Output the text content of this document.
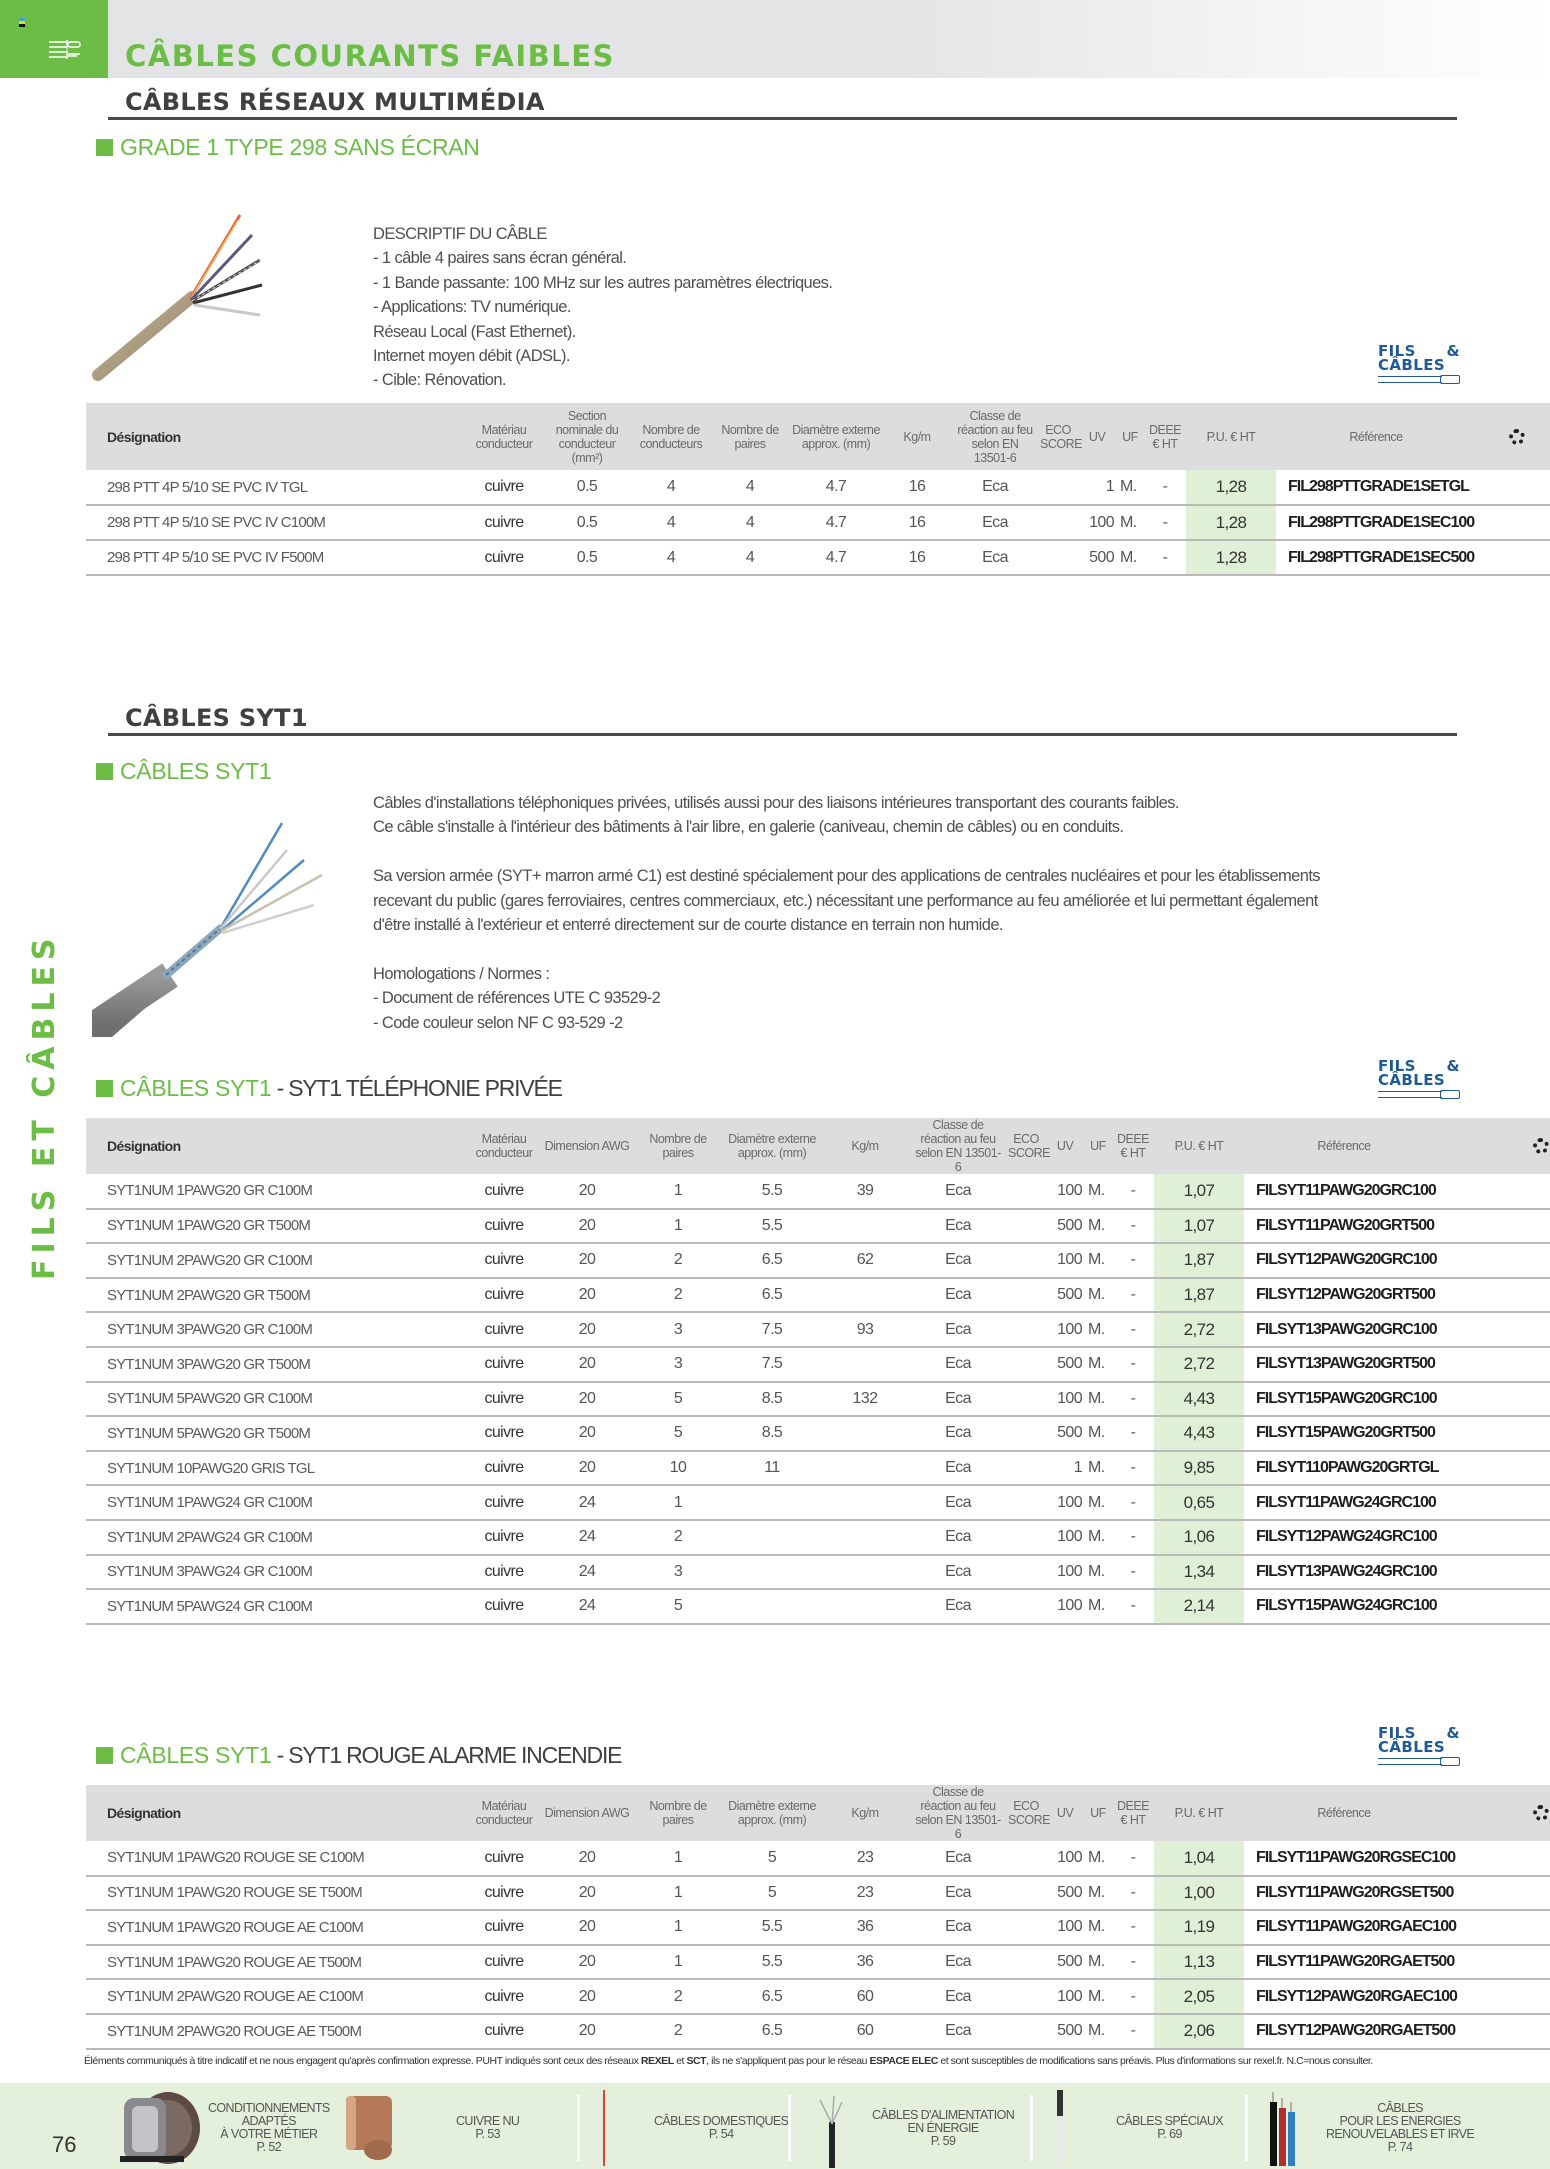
CÂBLES COURANTS FAIBLES
FILS ET CÂBLES
CÂBLES RÉSEAUX MULTIMÉDIA
GRADE 1 TYPE 298 SANS ÉCRAN

DESCRIPTIF DU CÂBLE

- 1 câble 4 paires sans écran général.

- 1 Bande passante: 100 MHz sur les autres paramètres électriques.

- Applications: TV numérique.

Réseau Local (Fast Ethernet).

Internet moyen débit (ADSL).

- Cible: Rénovation.

FILS &
CÂBLES
Désignation	Matériau conducteur	Section nominale du conducteur (mm²)	Nombre de conducteurs	Nombre de paires	Diamètre externe approx. (mm)	Kg/m	Classe de réaction au feu selon EN 13501-6	ECO SCORE	UV	UF	DEEE € HT	P.U. € HT	Référence	
298 PTT 4P 5/10 SE PVC IV TGL	cuivre	0.5	4	4	4.7	16	Eca		1	M.	-	1,28	FIL298PTTGRADE1SETGL	
298 PTT 4P 5/10 SE PVC IV C100M	cuivre	0.5	4	4	4.7	16	Eca		100	M.	-	1,28	FIL298PTTGRADE1SEC100	
298 PTT 4P 5/10 SE PVC IV F500M	cuivre	0.5	4	4	4.7	16	Eca		500	M.	-	1,28	FIL298PTTGRADE1SEC500	
CÂBLES SYT1
CÂBLES SYT1

Câbles d'installations téléphoniques privées, utilisés aussi pour des liaisons intérieures transportant des courants faibles.

Ce câble s'installe à l'intérieur des bâtiments à l'air libre, en galerie (caniveau, chemin de câbles) ou en conduits.

Sa version armée (SYT+ marron armé C1) est destiné spécialement pour des applications de centrales nucléaires et pour les établissements

recevant du public (gares ferroviaires, centres commerciaux, etc.) nécessitant une performance au feu améliorée et lui permettant également

d'être installé à l'extérieur et enterré directement sur de courte distance en terrain non humide.

Homologations / Normes :

- Document de références UTE C 93529-2

- Code couleur selon NF C 93-529 -2

CÂBLES SYT1 - SYT1 TÉLÉPHONIE PRIVÉE
FILS &
CÂBLES
Désignation	Matériau conducteur	Dimension AWG	Nombre de paires	Diamètre externe approx. (mm)	Kg/m	Classe de réaction au feu selon EN 13501-6	ECO SCORE	UV	UF	DEEE € HT	P.U. € HT	Référence	
SYT1NUM 1PAWG20 GR C100M	cuivre	20	1	5.5	39	Eca		100	M.	-	1,07	FILSYT11PAWG20GRC100	
SYT1NUM 1PAWG20 GR T500M	cuivre	20	1	5.5		Eca		500	M.	-	1,07	FILSYT11PAWG20GRT500	
SYT1NUM 2PAWG20 GR C100M	cuivre	20	2	6.5	62	Eca		100	M.	-	1,87	FILSYT12PAWG20GRC100	
SYT1NUM 2PAWG20 GR T500M	cuivre	20	2	6.5		Eca		500	M.	-	1,87	FILSYT12PAWG20GRT500	
SYT1NUM 3PAWG20 GR C100M	cuivre	20	3	7.5	93	Eca		100	M.	-	2,72	FILSYT13PAWG20GRC100	
SYT1NUM 3PAWG20 GR T500M	cuivre	20	3	7.5		Eca		500	M.	-	2,72	FILSYT13PAWG20GRT500	
SYT1NUM 5PAWG20 GR C100M	cuivre	20	5	8.5	132	Eca		100	M.	-	4,43	FILSYT15PAWG20GRC100	
SYT1NUM 5PAWG20 GR T500M	cuivre	20	5	8.5		Eca		500	M.	-	4,43	FILSYT15PAWG20GRT500	
SYT1NUM 10PAWG20 GRIS TGL	cuivre	20	10	11		Eca		1	M.	-	9,85	FILSYT110PAWG20GRTGL	
SYT1NUM 1PAWG24 GR C100M	cuivre	24	1			Eca		100	M.	-	0,65	FILSYT11PAWG24GRC100	
SYT1NUM 2PAWG24 GR C100M	cuivre	24	2			Eca		100	M.	-	1,06	FILSYT12PAWG24GRC100	
SYT1NUM 3PAWG24 GR C100M	cuivre	24	3			Eca		100	M.	-	1,34	FILSYT13PAWG24GRC100	
SYT1NUM 5PAWG24 GR C100M	cuivre	24	5			Eca		100	M.	-	2,14	FILSYT15PAWG24GRC100	
CÂBLES SYT1 - SYT1 ROUGE ALARME INCENDIE
FILS &
CÂBLES
Désignation	Matériau conducteur	Dimension AWG	Nombre de paires	Diamètre externe approx. (mm)	Kg/m	Classe de réaction au feu selon EN 13501-6	ECO SCORE	UV	UF	DEEE € HT	P.U. € HT	Référence	
SYT1NUM 1PAWG20 ROUGE SE C100M	cuivre	20	1	5	23	Eca		100	M.	-	1,04	FILSYT11PAWG20RGSEC100	
SYT1NUM 1PAWG20 ROUGE SE T500M	cuivre	20	1	5	23	Eca		500	M.	-	1,00	FILSYT11PAWG20RGSET500	
SYT1NUM 1PAWG20 ROUGE AE C100M	cuivre	20	1	5.5	36	Eca		100	M.	-	1,19	FILSYT11PAWG20RGAEC100	
SYT1NUM 1PAWG20 ROUGE AE T500M	cuivre	20	1	5.5	36	Eca		500	M.	-	1,13	FILSYT11PAWG20RGAET500	
SYT1NUM 2PAWG20 ROUGE AE C100M	cuivre	20	2	6.5	60	Eca		100	M.	-	2,05	FILSYT12PAWG20RGAEC100	
SYT1NUM 2PAWG20 ROUGE AE T500M	cuivre	20	2	6.5	60	Eca		500	M.	-	2,06	FILSYT12PAWG20RGAET500	
Éléments communiqués à titre indicatif et ne nous engagent qu'après confirmation expresse. PUHT indiqués sont ceux des réseaux REXEL et SCT, ils ne s'appliquent pas pour le réseau ESPACE ELEC et sont susceptibles de modifications sans préavis. Plus d'informations sur rexel.fr. N.C=nous consulter.
76
CONDITIONNEMENTS
ADAPTÉS
À VOTRE MÉTIER
P. 52
CUIVRE NU
P. 53
CÂBLES DOMESTIQUES
P. 54
CÂBLES D'ALIMENTATION
EN ÉNERGIE
P. 59
CÂBLES SPÉCIAUX
P. 69
CÂBLES
POUR LES ENERGIES
RENOUVELABLES ET IRVE
P. 74
